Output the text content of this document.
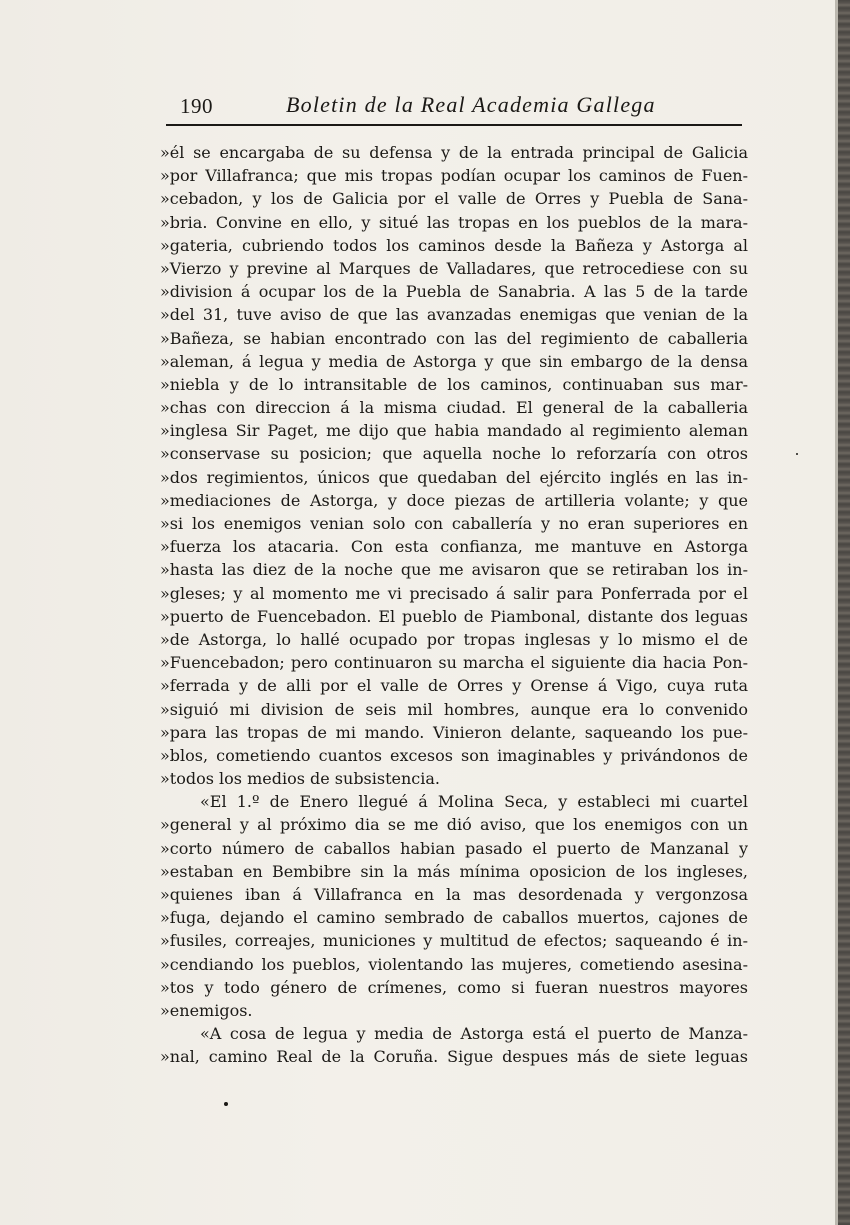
190	Boletin de la Real Academia Gallega
»él se encargaba de su defensa y de la entrada principal de Galicia
»por Villafranca; que mis tropas podían ocupar los caminos de Fuen-
»cebadon, y los de Galicia por el valle de Orres y Puebla de Sana-
»bria. Convine en ello, y situé las tropas en los pueblos de la mara-
»gateria, cubriendo todos los caminos desde la Bañeza y Astorga al
»Vierzo y previne al Marques de Valladares, que retrocediese con su
»division á ocupar los de la Puebla de Sanabria. A las 5 de la tarde
»del 31, tuve aviso de que las avanzadas enemigas que venian de la
»Bañeza, se habian encontrado con las del regimiento de caballeria
»aleman, á legua y media de Astorga y que sin embargo de la densa
»niebla y de lo intransitable de los caminos, continuaban sus mar-
»chas con direccion á la misma ciudad. El general de la caballeria
»inglesa Sir Paget, me dijo que habia mandado al regimiento aleman
»conservase su posicion; que aquella noche lo reforzaría con otros
»dos regimientos, únicos que quedaban del ejército inglés en las in-
»mediaciones de Astorga, y doce piezas de artilleria volante; y que
»si los enemigos venian solo con caballería y no eran superiores en
»fuerza los atacaria. Con esta confianza, me mantuve en Astorga
»hasta las diez de la noche que me avisaron que se retiraban los in-
»gleses; y al momento me vi precisado á salir para Ponferrada por el
»puerto de Fuencebadon. El pueblo de Piambonal, distante dos leguas
»de Astorga, lo hallé ocupado por tropas inglesas y lo mismo el de
»Fuencebadon; pero continuaron su marcha el siguiente dia hacia Pon-
»ferrada y de alli por el valle de Orres y Orense á Vigo, cuya ruta
»siguió mi division de seis mil hombres, aunque era lo convenido
»para las tropas de mi mando. Vinieron delante, saqueando los pue-
»blos, cometiendo cuantos excesos son imaginables y privándonos de
»todos los medios de subsistencia.
«El 1.º de Enero llegué á Molina Seca, y estableci mi cuartel
»general y al próximo dia se me dió aviso, que los enemigos con un
»corto número de caballos habian pasado el puerto de Manzanal y
»estaban en Bembibre sin la más mínima oposicion de los ingleses,
»quienes iban á Villafranca en la mas desordenada y vergonzosa
»fuga, dejando el camino sembrado de caballos muertos, cajones de
»fusiles, correajes, municiones y multitud de efectos; saqueando é in-
»cendiando los pueblos, violentando las mujeres, cometiendo asesina-
»tos y todo género de crímenes, como si fueran nuestros mayores
»enemigos.
«A cosa de legua y media de Astorga está el puerto de Manza-
»nal, camino Real de la Coruña. Sigue despues más de siete leguas
